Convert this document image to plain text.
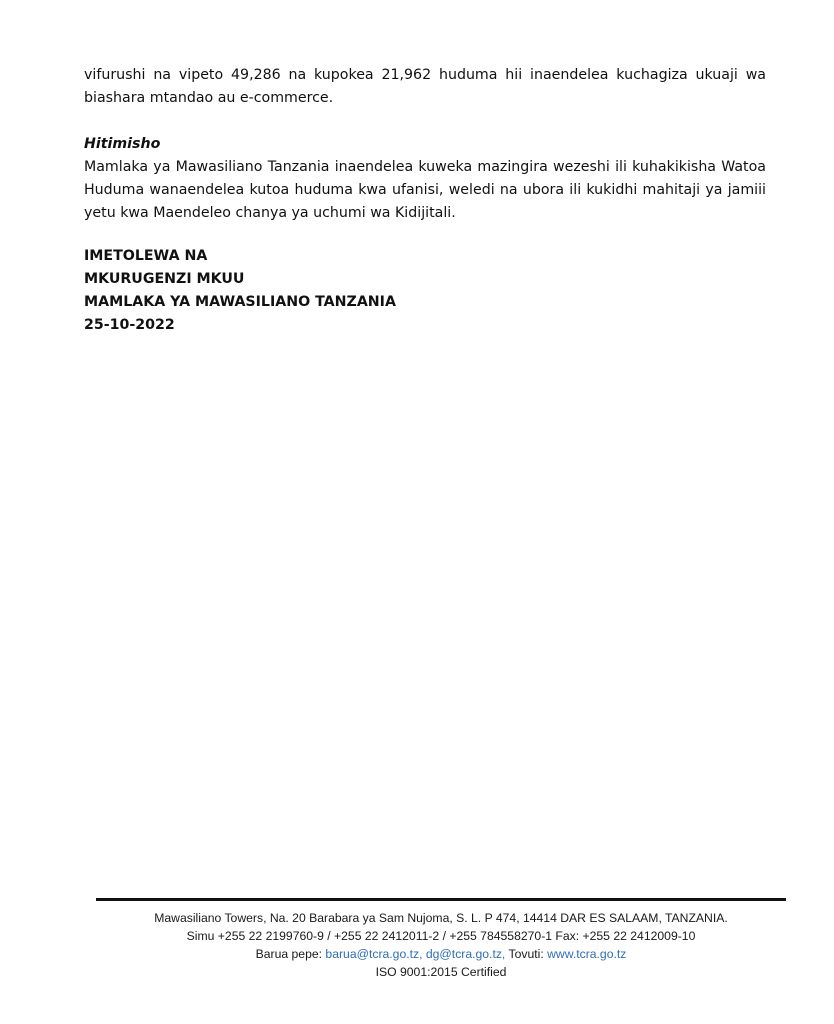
vifurushi na vipeto 49,286 na kupokea 21,962 huduma hii inaendelea kuchagiza ukuaji wa biashara mtandao au e-commerce.

Hitimisho

Mamlaka ya Mawasiliano Tanzania inaendelea kuweka mazingira wezeshi ili kuhakikisha Watoa Huduma wanaendelea kutoa huduma kwa ufanisi, weledi na ubora ili kukidhi mahitaji ya jamiii yetu kwa Maendeleo chanya ya uchumi wa Kidijitali.

IMETOLEWA NA
MKURUGENZI MKUU
MAMLAKA YA MAWASILIANO TANZANIA
25-10-2022
Mawasiliano Towers, Na. 20 Barabara ya Sam Nujoma, S. L. P 474, 14414 DAR ES SALAAM, TANZANIA.
Simu +255 22 2199760-9 / +255 22 2412011-2 / +255 784558270-1 Fax: +255 22 2412009-10
Barua pepe: barua@tcra.go.tz, dg@tcra.go.tz, Tovuti: www.tcra.go.tz
ISO 9001:2015 Certified
